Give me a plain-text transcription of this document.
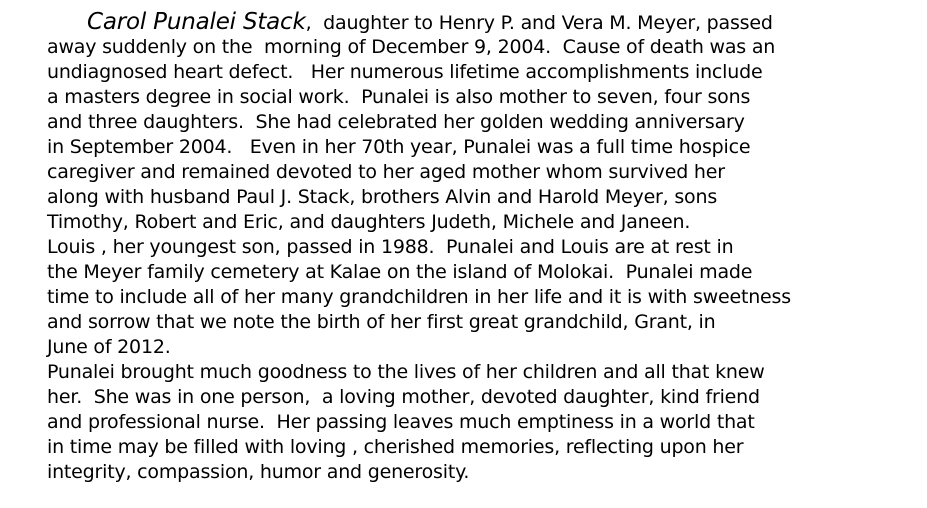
Carol Punalei Stack,  daughter to Henry P. and Vera M. Meyer, passed
away suddenly on the  morning of December 9, 2004.  Cause of death was an
undiagnosed heart defect.   Her numerous lifetime accomplishments include
a masters degree in social work.  Punalei is also mother to seven, four sons
and three daughters.  She had celebrated her golden wedding anniversary
in September 2004.   Even in her 70th year, Punalei was a full time hospice
caregiver and remained devoted to her aged mother whom survived her
along with husband Paul J. Stack, brothers Alvin and Harold Meyer, sons
Timothy, Robert and Eric, and daughters Judeth, Michele and Janeen.
Louis , her youngest son, passed in 1988.  Punalei and Louis are at rest in
the Meyer family cemetery at Kalae on the island of Molokai.  Punalei made
time to include all of her many grandchildren in her life and it is with sweetness
and sorrow that we note the birth of her first great grandchild, Grant, in
June of 2012.
Punalei brought much goodness to the lives of her children and all that knew
her.  She was in one person,  a loving mother, devoted daughter, kind friend
and professional nurse.  Her passing leaves much emptiness in a world that
in time may be filled with loving , cherished memories, reflecting upon her
integrity, compassion, humor and generosity.
